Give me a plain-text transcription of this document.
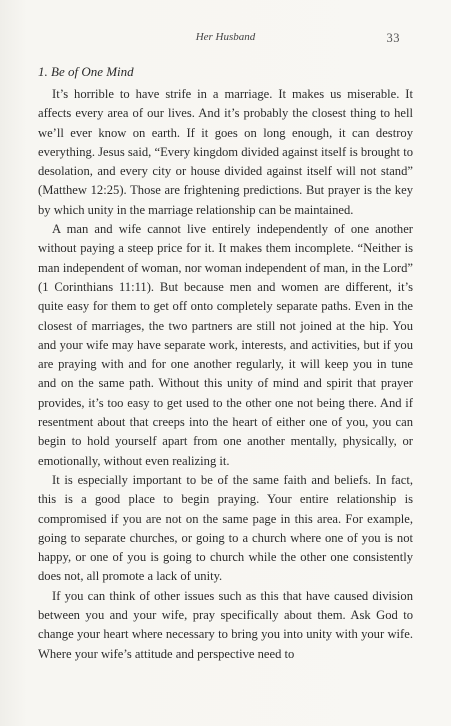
Her Husband	33
1. Be of One Mind

It’s horrible to have strife in a marriage. It makes us miserable. It affects every area of our lives. And it’s probably the closest thing to hell we’ll ever know on earth. If it goes on long enough, it can destroy everything. Jesus said, “Every kingdom divided against itself is brought to desolation, and every city or house divided against itself will not stand” (Matthew 12:25). Those are frightening predictions. But prayer is the key by which unity in the marriage relationship can be maintained.

A man and wife cannot live entirely independently of one another without paying a steep price for it. It makes them incomplete. “Neither is man independent of woman, nor woman independent of man, in the Lord” (1 Corinthians 11:11). But because men and women are different, it’s quite easy for them to get off onto completely separate paths. Even in the closest of marriages, the two partners are still not joined at the hip. You and your wife may have separate work, interests, and activities, but if you are praying with and for one another regularly, it will keep you in tune and on the same path. Without this unity of mind and spirit that prayer provides, it’s too easy to get used to the other one not being there. And if resentment about that creeps into the heart of either one of you, you can begin to hold yourself apart from one another mentally, physically, or emotionally, without even realizing it.

It is especially important to be of the same faith and beliefs. In fact, this is a good place to begin praying. Your entire relationship is compromised if you are not on the same page in this area. For example, going to separate churches, or going to a church where one of you is not happy, or one of you is going to church while the other one consistently does not, all promote a lack of unity.

If you can think of other issues such as this that have caused division between you and your wife, pray specifically about them. Ask God to change your heart where necessary to bring you into unity with your wife. Where your wife’s attitude and perspective need to
